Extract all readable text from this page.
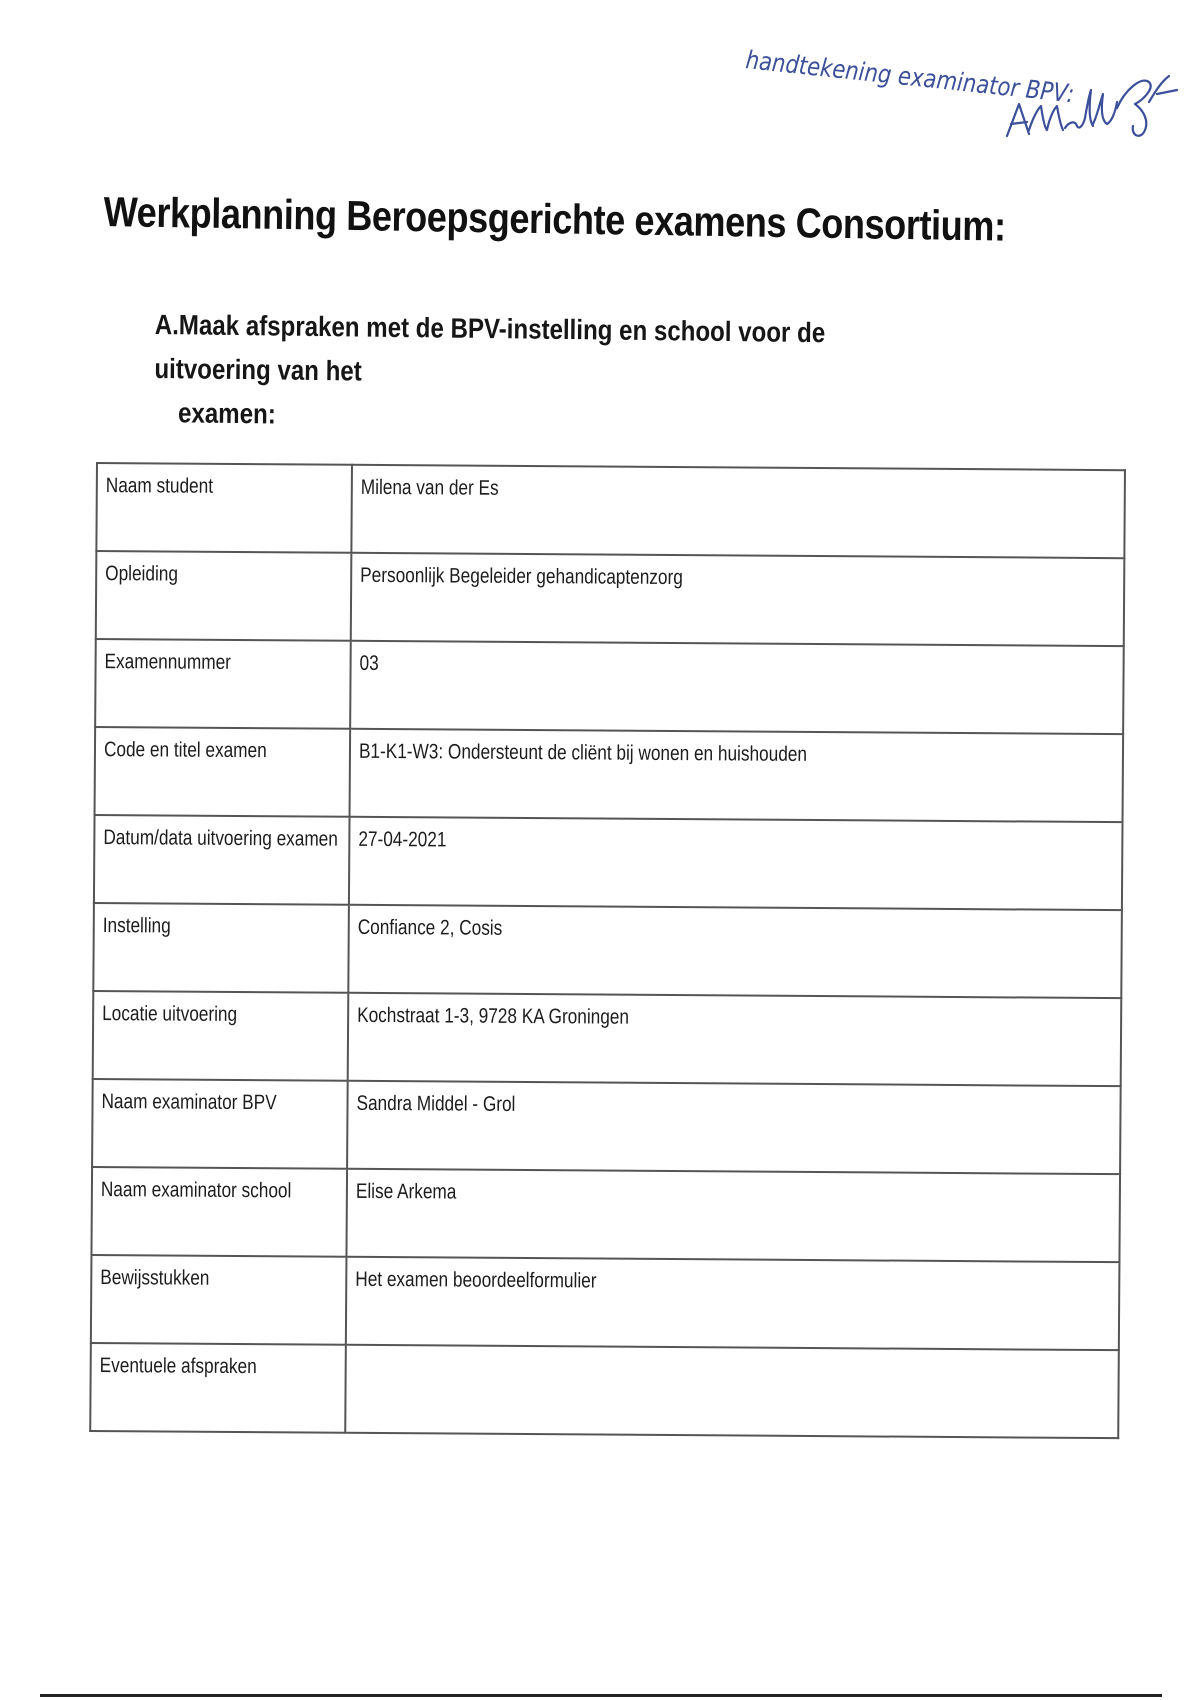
handtekening examinator BPV:
A.M.Middel-Grol
Werkplanning Beroepsgerichte examens Consortium:
A.Maak afspraken met de BPV-instelling en school voor de uitvoering van het
examen:
Naam student	Milena van der Es
Opleiding	Persoonlijk Begeleider gehandicaptenzorg
Examennummer	03
Code en titel examen	B1-K1-W3: Ondersteunt de cliënt bij wonen en huishouden
Datum/data uitvoering examen	27-04-2021
Instelling	Confiance 2, Cosis
Locatie uitvoering	Kochstraat 1-3, 9728 KA Groningen
Naam examinator BPV	Sandra Middel - Grol
Naam examinator school	Elise Arkema
Bewijsstukken	Het examen beoordeelformulier
Eventuele afspraken	
